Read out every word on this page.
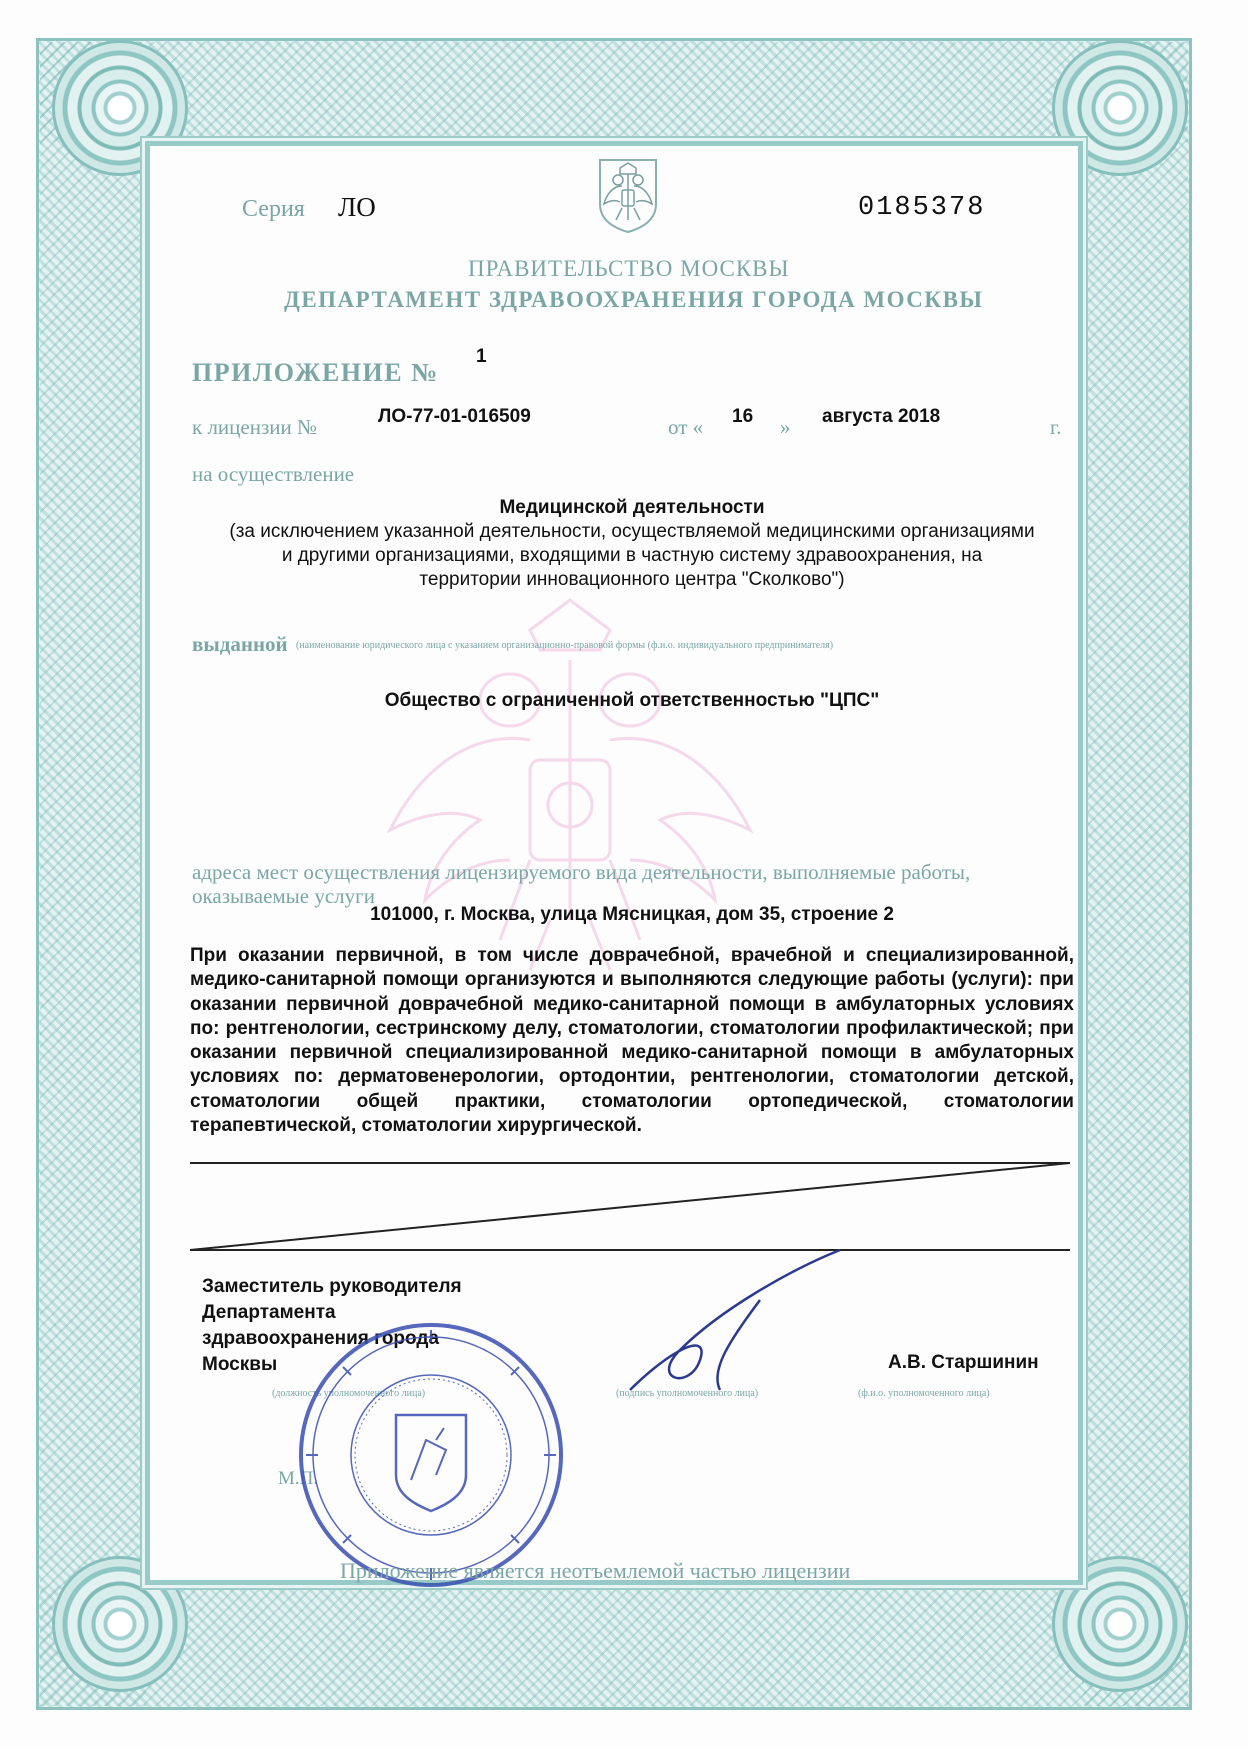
Серия ЛО	0185378
ПРАВИТЕЛЬСТВО МОСКВЫ
ДЕПАРТАМЕНТ ЗДРАВООХРАНЕНИЯ ГОРОДА МОСКВЫ
ПРИЛОЖЕНИЕ №
1
к лицензии №	ЛО-77-01-016509	от « 16 » августа 2018	г.
на осуществление
Медицинской деятельности
(за исключением указанной деятельности, осуществляемой медицинскими организациями
и другими организациями, входящими в частную систему здравоохранения, на
территории инновационного центра "Сколково")
выданной (наименование юридического лица с указанием организационно-правовой формы (ф.и.о. индивидуального предпринимателя)
Общество с ограниченной ответственностью "ЦПС"
адреса мест осуществления лицензируемого вида деятельности, выполняемые работы,
оказываемые услуги
101000, г. Москва, улица Мясницкая, дом 35, строение 2
При оказании первичной, в том числе доврачебной, врачебной и специализированной, медико-санитарной помощи организуются и выполняются следующие работы (услуги): при оказании первичной доврачебной медико-санитарной помощи в амбулаторных условиях по: рентгенологии, сестринскому делу, стоматологии, стоматологии профилактической; при оказании первичной специализированной медико-санитарной помощи в амбулаторных условиях по: дерматовенерологии, ортодонтии, рентгенологии, стоматологии детской, стоматологии общей практики, стоматологии ортопедической, стоматологии терапевтической, стоматологии хирургической.
Заместитель руководителя
Департамента
здравоохранения города
Москвы	А.В. Старшинин
(должность уполномоченного лица)	(подпись уполномоченного лица)	(ф.и.о. уполномоченного лица)
М.П.
Приложение является неотъемлемой частью лицензии
